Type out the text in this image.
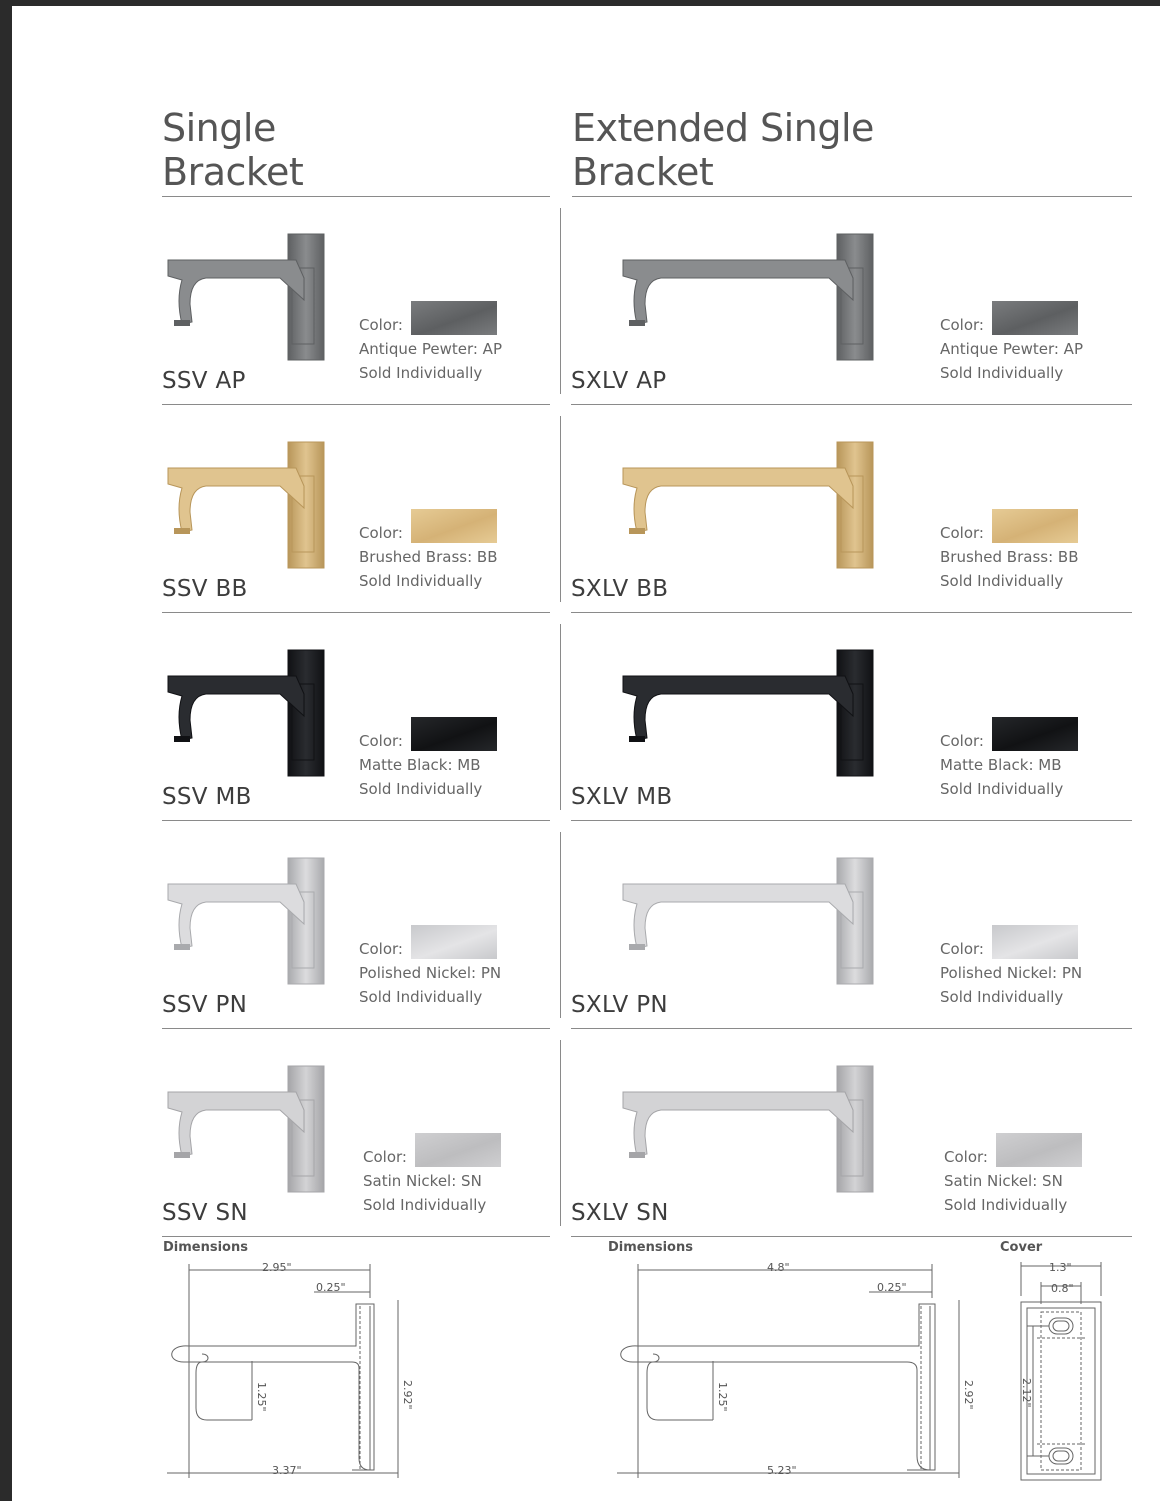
Single
Bracket
Extended Single
Bracket
SSV AP
Color:
Antique Pewter: AP
Sold Individually	SXLV AP
Color:
Antique Pewter: AP
Sold Individually
SSV BB
Color:
Brushed Brass: BB
Sold Individually	SXLV BB
Color:
Brushed Brass: BB
Sold Individually
SSV MB
Color:
Matte Black: MB
Sold Individually	SXLV MB
Color:
Matte Black: MB
Sold Individually
SSV PN
Color:
Polished Nickel: PN
Sold Individually	SXLV PN
Color:
Polished Nickel: PN
Sold Individually
SSV SN
Color:
Satin Nickel: SN
Sold Individually	SXLV SN
Color:
Satin Nickel: SN
Sold Individually
Dimensions
2.95"
0.25"
3.37"
1.25"	2.92"
Dimensions
4.8"
0.25"
5.23"
1.25"	2.92"
Cover
1.3"
0.8"
2.12"
